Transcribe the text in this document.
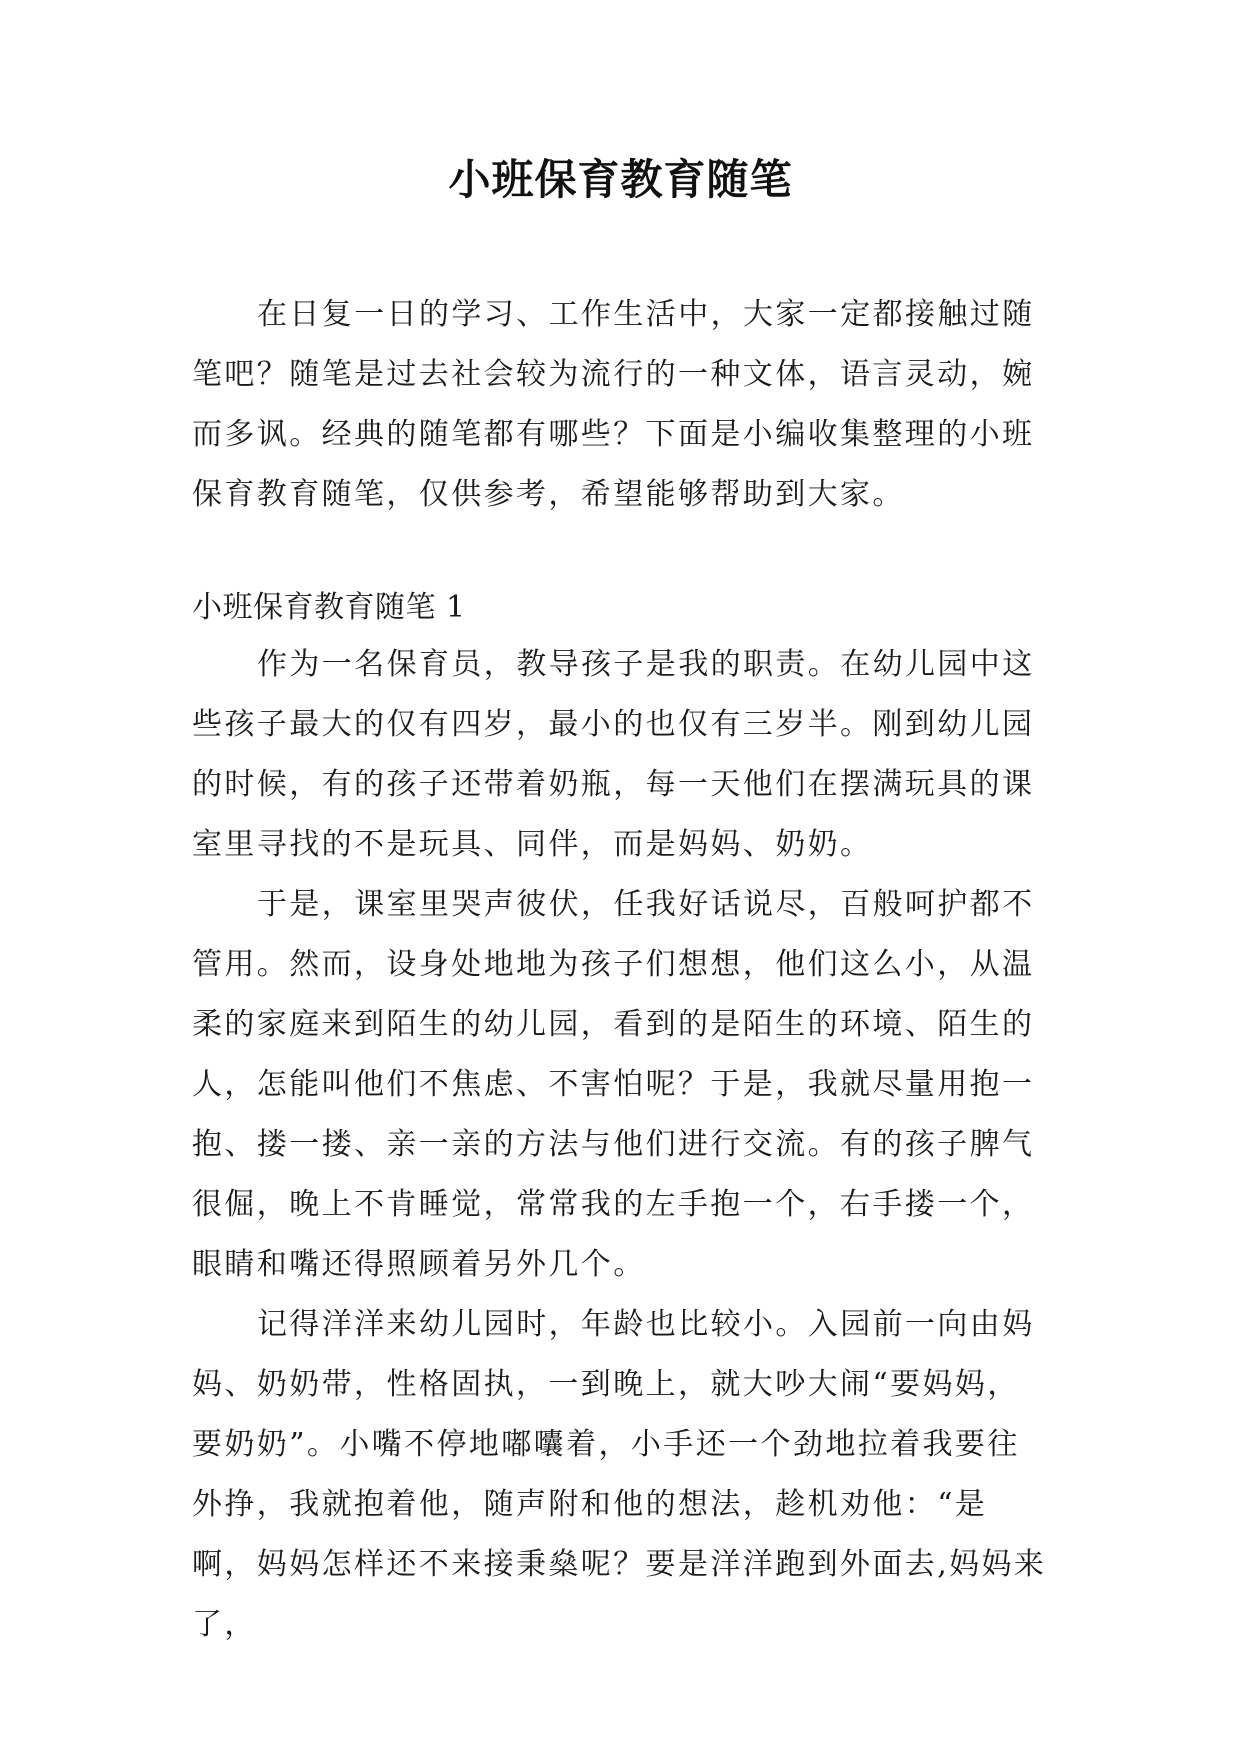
小班保育教育随笔

在日复一日的学习、工作生活中，大家一定都接触过随笔吧？随笔是过去社会较为流行的一种文体，语言灵动，婉而多讽。经典的随笔都有哪些？下面是小编收集整理的小班保育教育随笔，仅供参考，希望能够帮助到大家。

小班保育教育随笔 1

作为一名保育员，教导孩子是我的职责。在幼儿园中这些孩子最大的仅有四岁，最小的也仅有三岁半。刚到幼儿园的时候，有的孩子还带着奶瓶，每一天他们在摆满玩具的课室里寻找的不是玩具、同伴，而是妈妈、奶奶。

于是，课室里哭声彼伏，任我好话说尽，百般呵护都不管用。然而，设身处地地为孩子们想想，他们这么小，从温柔的家庭来到陌生的幼儿园，看到的是陌生的环境、陌生的人，怎能叫他们不焦虑、不害怕呢？于是，我就尽量用抱一抱、搂一搂、亲一亲的方法与他们进行交流。有的孩子脾气很倔，晚上不肯睡觉，常常我的左手抱一个，右手搂一个，眼睛和嘴还得照顾着另外几个。

记得洋洋来幼儿园时，年龄也比较小。入园前一向由妈妈、奶奶带，性格固执，一到晚上，就大吵大闹“要妈妈，要奶奶”。小嘴不停地嘟囔着，小手还一个劲地拉着我要往外挣，我就抱着他，随声附和他的想法，趁机劝他：“是啊，妈妈怎样还不来接秉燊呢？要是洋洋跑到外面去,妈妈来了，
